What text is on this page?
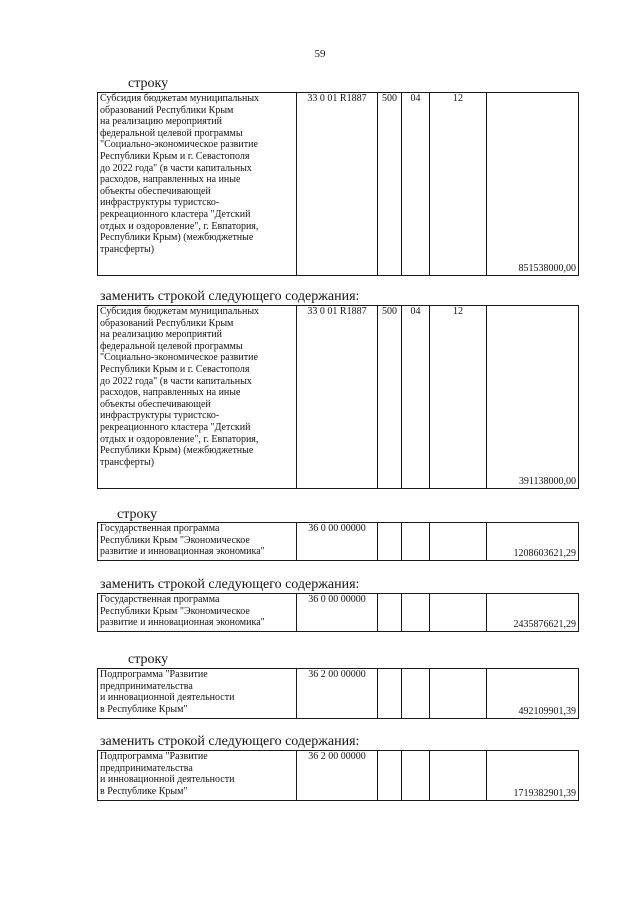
59
строку
Субсидия бюджетам муниципальных
образований Республики Крым
на реализацию мероприятий
федеральной целевой программы
"Социально-экономическое развитие
Республики Крым и г. Севастополя
до 2022 года" (в части капитальных
расходов, направленных на иные
объекты обеспечивающей
инфраструктуры туристско-
рекреационного кластера "Детский
отдых и оздоровление", г. Евпатория,
Республики Крым) (межбюджетные
трансферты)
	33 0 01 R1887	500	04	12	851538000,00
заменить строкой следующего содержания:
Субсидия бюджетам муниципальных
образований Республики Крым
на реализацию мероприятий
федеральной целевой программы
"Социально-экономическое развитие
Республики Крым и г. Севастополя
до 2022 года" (в части капитальных
расходов, направленных на иные
объекты обеспечивающей
инфраструктуры туристско-
рекреационного кластера "Детский
отдых и оздоровление", г. Евпатория,
Республики Крым) (межбюджетные
трансферты)
	33 0 01 R1887	500	04	12	391138000,00
строку
Государственная программа
Республики Крым "Экономическое
развитие и инновационная экономика"
	36 0 00 00000				1208603621,29
заменить строкой следующего содержания:
Государственная программа
Республики Крым "Экономическое
развитие и инновационная экономика"
	36 0 00 00000				2435876621,29
строку
Подпрограмма "Развитие
предпринимательства
и инновационной деятельности
в Республике Крым"
	36 2 00 00000				492109901,39
заменить строкой следующего содержания:
Подпрограмма "Развитие
предпринимательства
и инновационной деятельности
в Республике Крым"
	36 2 00 00000				1719382901,39
